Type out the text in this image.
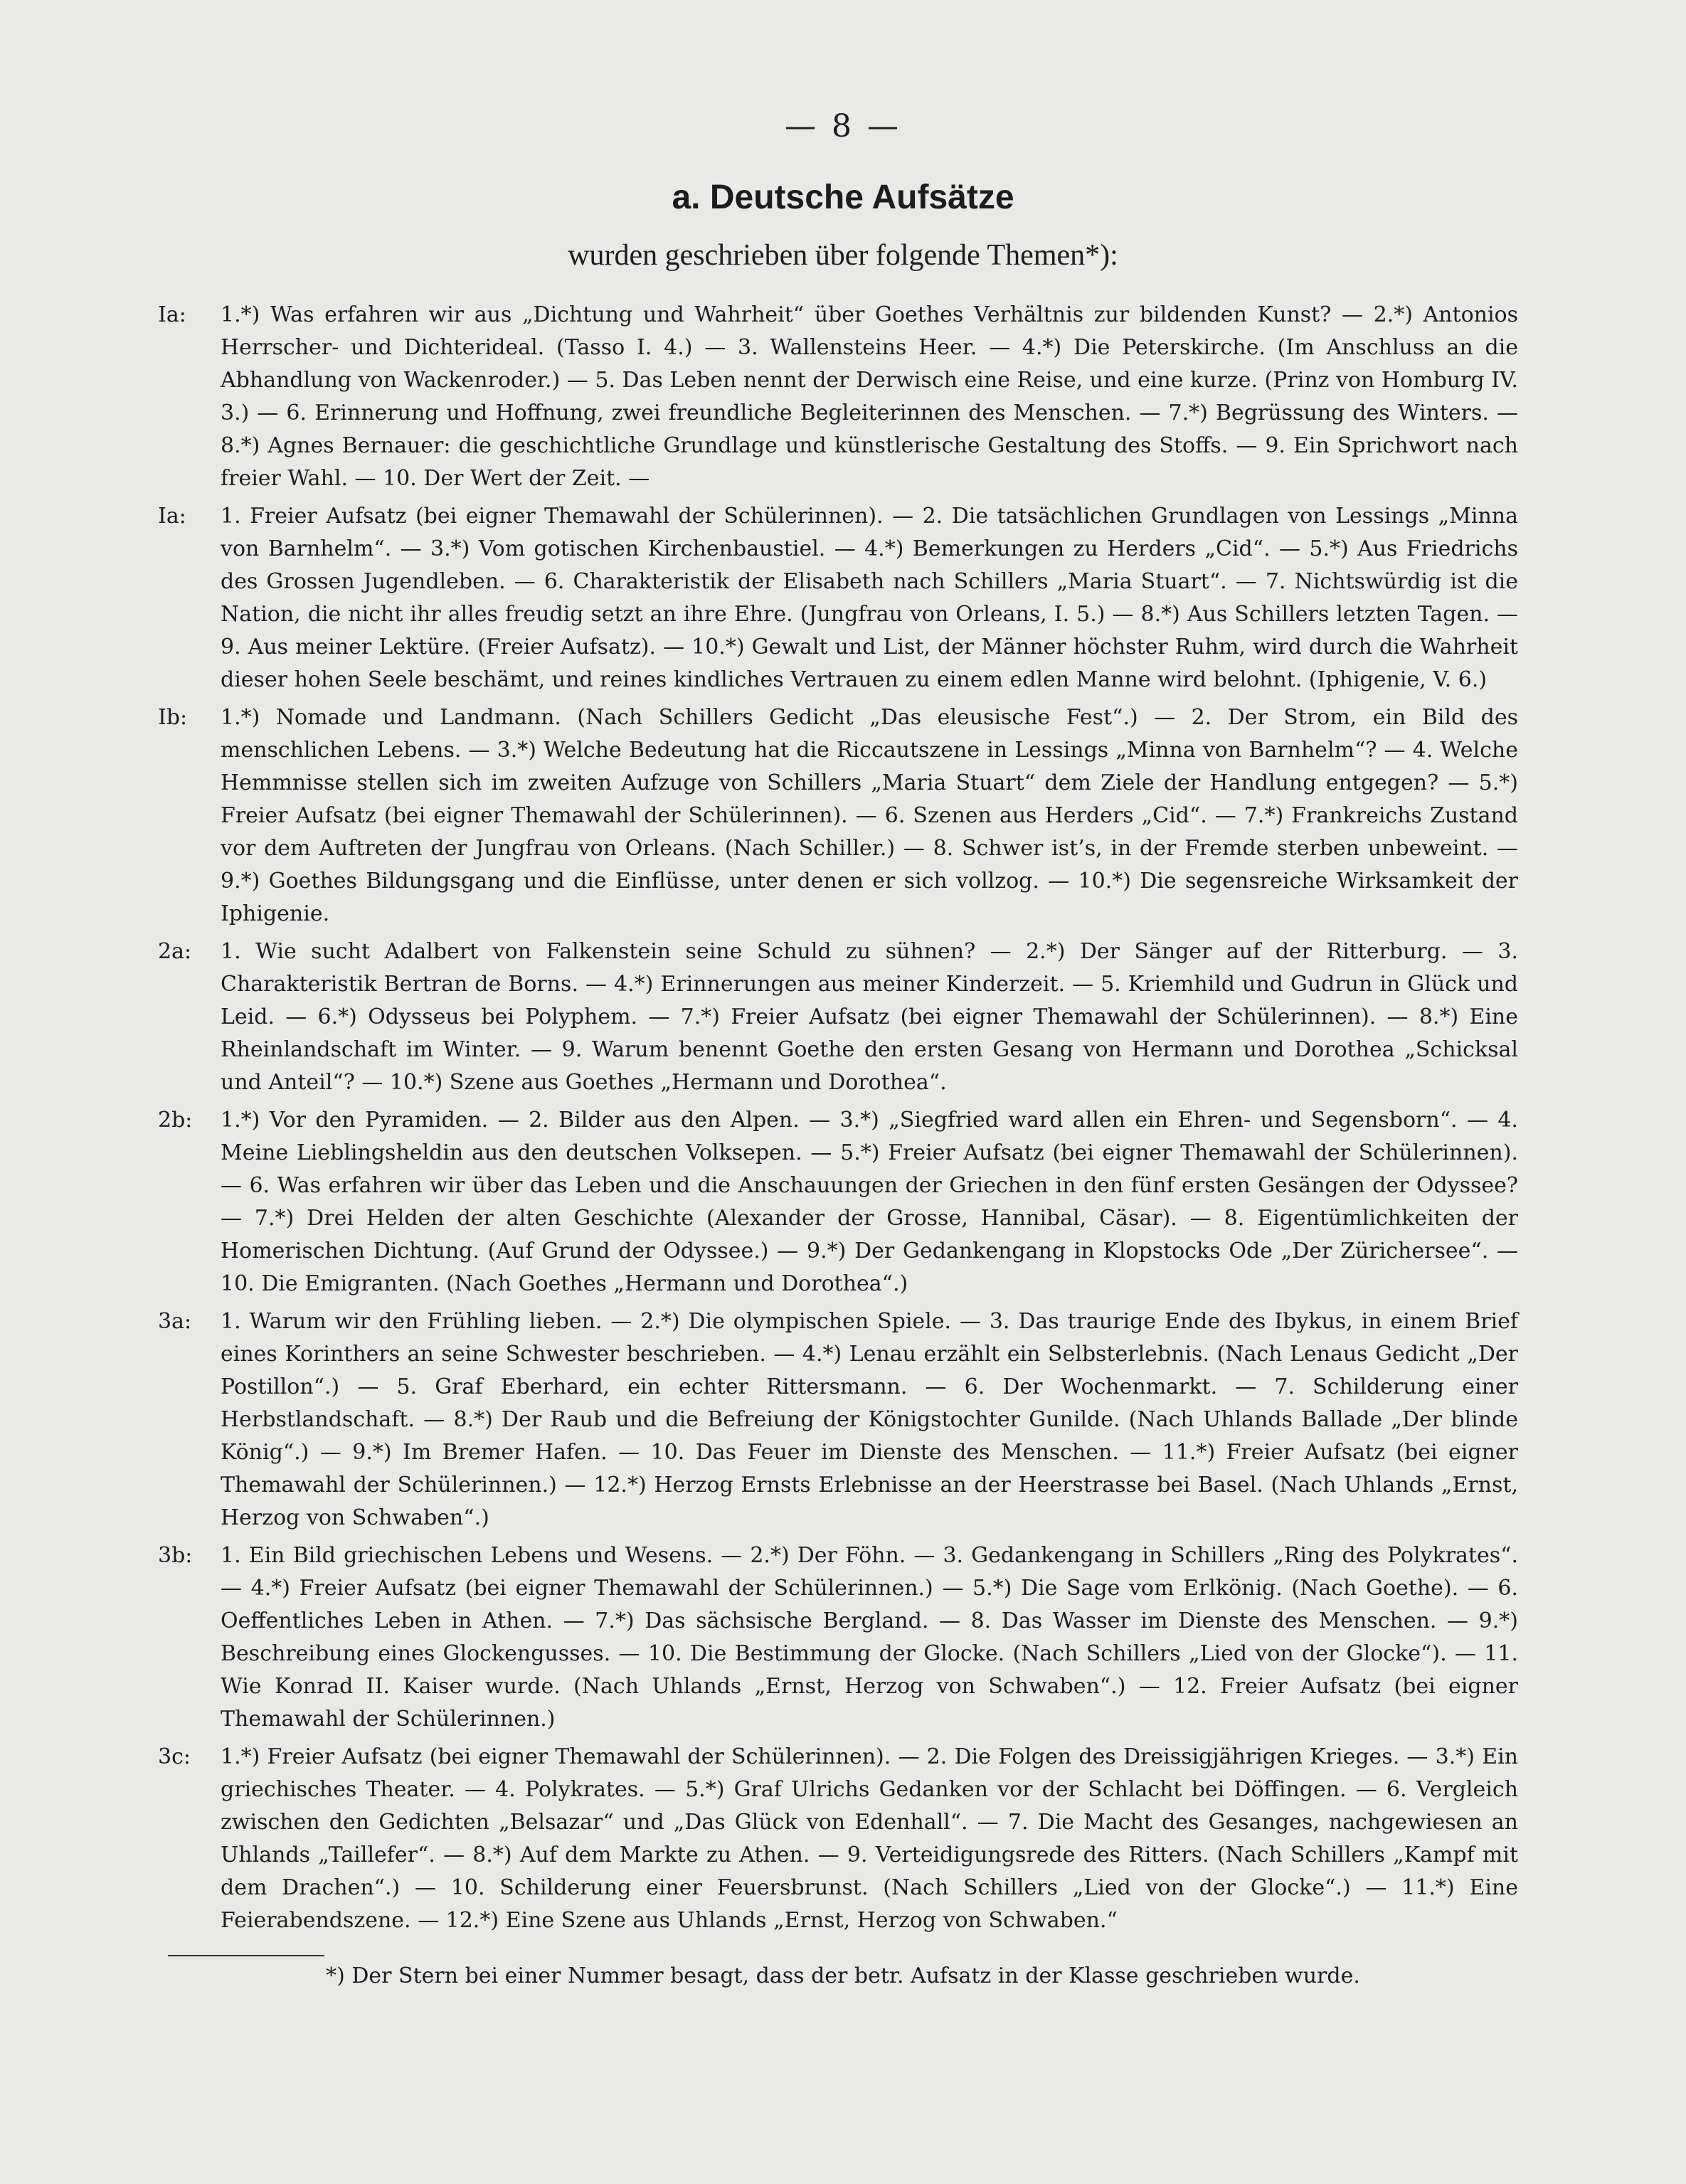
— 8 —
a. Deutsche Aufsätze
wurden geschrieben über folgende Themen*):
Ia: 1.*) Was erfahren wir aus „Dichtung und Wahrheit“ über Goethes Verhältnis zur bildenden Kunst? — 2.*) Antonios Herrscher- und Dichterideal. (Tasso I. 4.) — 3. Wallensteins Heer. — 4.*) Die Peterskirche. (Im Anschluss an die Abhandlung von Wackenroder.) — 5. Das Leben nennt der Derwisch eine Reise, und eine kurze. (Prinz von Homburg IV. 3.) — 6. Erinnerung und Hoffnung, zwei freundliche Begleiterinnen des Menschen. — 7.*) Begrüssung des Winters. — 8.*) Agnes Bernauer: die geschichtliche Grundlage und künstlerische Gestaltung des Stoffs. — 9. Ein Sprichwort nach freier Wahl. — 10. Der Wert der Zeit. —
Ia: 1. Freier Aufsatz (bei eigner Themawahl der Schülerinnen). — 2. Die tatsächlichen Grundlagen von Lessings „Minna von Barnhelm“. — 3.*) Vom gotischen Kirchenbaustiel. — 4.*) Bemerkungen zu Herders „Cid“. — 5.*) Aus Friedrichs des Grossen Jugendleben. — 6. Charakteristik der Elisabeth nach Schillers „Maria Stuart“. — 7. Nichtswürdig ist die Nation, die nicht ihr alles freudig setzt an ihre Ehre. (Jungfrau von Orleans, I. 5.) — 8.*) Aus Schillers letzten Tagen. — 9. Aus meiner Lektüre. (Freier Aufsatz). — 10.*) Gewalt und List, der Männer höchster Ruhm, wird durch die Wahrheit dieser hohen Seele beschämt, und reines kindliches Vertrauen zu einem edlen Manne wird belohnt. (Iphigenie, V. 6.)
Ib: 1.*) Nomade und Landmann. (Nach Schillers Gedicht „Das eleusische Fest“.) — 2. Der Strom, ein Bild des menschlichen Lebens. — 3.*) Welche Bedeutung hat die Riccautszene in Lessings „Minna von Barnhelm“? — 4. Welche Hemmnisse stellen sich im zweiten Aufzuge von Schillers „Maria Stuart“ dem Ziele der Handlung entgegen? — 5.*) Freier Aufsatz (bei eigner Themawahl der Schülerinnen). — 6. Szenen aus Herders „Cid“. — 7.*) Frankreichs Zustand vor dem Auftreten der Jungfrau von Orleans. (Nach Schiller.) — 8. Schwer ist’s, in der Fremde sterben unbeweint. — 9.*) Goethes Bildungsgang und die Einflüsse, unter denen er sich vollzog. — 10.*) Die segensreiche Wirksamkeit der Iphigenie.
2a: 1. Wie sucht Adalbert von Falkenstein seine Schuld zu sühnen? — 2.*) Der Sänger auf der Ritterburg. — 3. Charakteristik Bertran de Borns. — 4.*) Erinnerungen aus meiner Kinderzeit. — 5. Kriemhild und Gudrun in Glück und Leid. — 6.*) Odysseus bei Polyphem. — 7.*) Freier Aufsatz (bei eigner Themawahl der Schülerinnen). — 8.*) Eine Rheinlandschaft im Winter. — 9. Warum benennt Goethe den ersten Gesang von Hermann und Dorothea „Schicksal und Anteil“? — 10.*) Szene aus Goethes „Hermann und Dorothea“.
2b: 1.*) Vor den Pyramiden. — 2. Bilder aus den Alpen. — 3.*) „Siegfried ward allen ein Ehren- und Segensborn“. — 4. Meine Lieblingsheldin aus den deutschen Volksepen. — 5.*) Freier Aufsatz (bei eigner Themawahl der Schülerinnen). — 6. Was erfahren wir über das Leben und die Anschauungen der Griechen in den fünf ersten Gesängen der Odyssee? — 7.*) Drei Helden der alten Geschichte (Alexander der Grosse, Hannibal, Cäsar). — 8. Eigentümlichkeiten der Homerischen Dichtung. (Auf Grund der Odyssee.) — 9.*) Der Gedankengang in Klopstocks Ode „Der Zürichersee“. — 10. Die Emigranten. (Nach Goethes „Hermann und Dorothea“.)
3a: 1. Warum wir den Frühling lieben. — 2.*) Die olympischen Spiele. — 3. Das traurige Ende des Ibykus, in einem Brief eines Korinthers an seine Schwester beschrieben. — 4.*) Lenau erzählt ein Selbsterlebnis. (Nach Lenaus Gedicht „Der Postillon“.) — 5. Graf Eberhard, ein echter Rittersmann. — 6. Der Wochenmarkt. — 7. Schilderung einer Herbstlandschaft. — 8.*) Der Raub und die Befreiung der Königstochter Gunilde. (Nach Uhlands Ballade „Der blinde König“.) — 9.*) Im Bremer Hafen. — 10. Das Feuer im Dienste des Menschen. — 11.*) Freier Aufsatz (bei eigner Themawahl der Schülerinnen.) — 12.*) Herzog Ernsts Erlebnisse an der Heerstrasse bei Basel. (Nach Uhlands „Ernst, Herzog von Schwaben“.)
3b: 1. Ein Bild griechischen Lebens und Wesens. — 2.*) Der Föhn. — 3. Gedankengang in Schillers „Ring des Polykrates“. — 4.*) Freier Aufsatz (bei eigner Themawahl der Schülerinnen.) — 5.*) Die Sage vom Erlkönig. (Nach Goethe). — 6. Oeffentliches Leben in Athen. — 7.*) Das sächsische Bergland. — 8. Das Wasser im Dienste des Menschen. — 9.*) Beschreibung eines Glockengusses. — 10. Die Bestimmung der Glocke. (Nach Schillers „Lied von der Glocke“). — 11. Wie Konrad II. Kaiser wurde. (Nach Uhlands „Ernst, Herzog von Schwaben“.) — 12. Freier Aufsatz (bei eigner Themawahl der Schülerinnen.)
3c: 1.*) Freier Aufsatz (bei eigner Themawahl der Schülerinnen). — 2. Die Folgen des Dreissigjährigen Krieges. — 3.*) Ein griechisches Theater. — 4. Polykrates. — 5.*) Graf Ulrichs Gedanken vor der Schlacht bei Döffingen. — 6. Vergleich zwischen den Gedichten „Belsazar“ und „Das Glück von Edenhall“. — 7. Die Macht des Gesanges, nachgewiesen an Uhlands „Taillefer“. — 8.*) Auf dem Markte zu Athen. — 9. Verteidigungsrede des Ritters. (Nach Schillers „Kampf mit dem Drachen“.) — 10. Schilderung einer Feuersbrunst. (Nach Schillers „Lied von der Glocke“.) — 11.*) Eine Feierabendszene. — 12.*) Eine Szene aus Uhlands „Ernst, Herzog von Schwaben.“
*) Der Stern bei einer Nummer besagt, dass der betr. Aufsatz in der Klasse geschrieben wurde.
